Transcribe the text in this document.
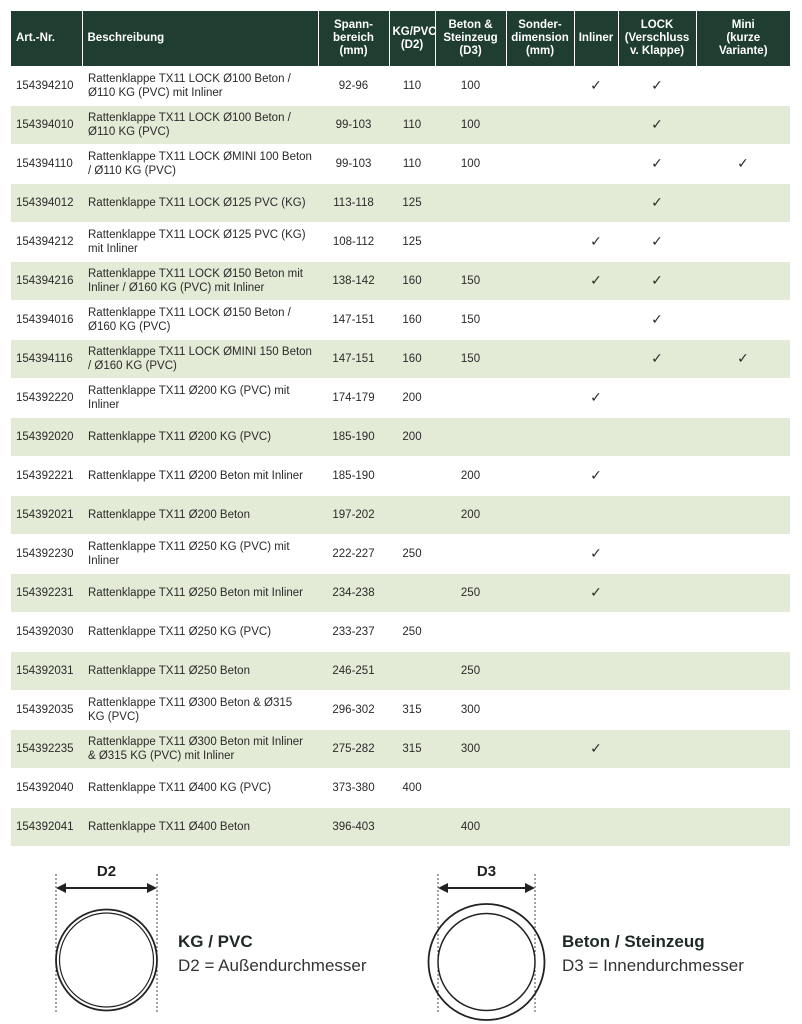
Art.-Nr.	Beschreibung	Spann-
bereich
(mm)	KG/PVC
(D2)	Beton &
Steinzeug
(D3)	Sonder-
dimension
(mm)	Inliner	LOCK
(Verschluss
v. Klappe)	Mini
(kurze
Variante)
154394210	Rattenklappe TX11 LOCK Ø100 Beton /
Ø110 KG (PVC) mit Inliner	92-96	110	100		✓	✓	
154394010	Rattenklappe TX11 LOCK Ø100 Beton /
Ø110 KG (PVC)	99-103	110	100			✓	
154394110	Rattenklappe TX11 LOCK ØMINI 100 Beton
/ Ø110 KG (PVC)	99-103	110	100			✓	✓
154394012	Rattenklappe TX11 LOCK Ø125 PVC (KG)	113-118	125				✓	
154394212	Rattenklappe TX11 LOCK Ø125 PVC (KG)
mit Inliner	108-112	125			✓	✓	
154394216	Rattenklappe TX11 LOCK Ø150 Beton mit
Inliner / Ø160 KG (PVC) mit Inliner	138-142	160	150		✓	✓	
154394016	Rattenklappe TX11 LOCK Ø150 Beton /
Ø160 KG (PVC)	147-151	160	150			✓	
154394116	Rattenklappe TX11 LOCK ØMINI 150 Beton
/ Ø160 KG (PVC)	147-151	160	150			✓	✓
154392220	Rattenklappe TX11 Ø200 KG (PVC) mit
Inliner	174-179	200			✓		
154392020	Rattenklappe TX11 Ø200 KG (PVC)	185-190	200					
154392221	Rattenklappe TX11 Ø200 Beton mit Inliner	185-190		200		✓		
154392021	Rattenklappe TX11 Ø200 Beton	197-202		200				
154392230	Rattenklappe TX11 Ø250 KG (PVC) mit
Inliner	222-227	250			✓		
154392231	Rattenklappe TX11 Ø250 Beton mit Inliner	234-238		250		✓		
154392030	Rattenklappe TX11 Ø250 KG (PVC)	233-237	250					
154392031	Rattenklappe TX11 Ø250 Beton	246-251		250				
154392035	Rattenklappe TX11 Ø300 Beton & Ø315
KG (PVC)	296-302	315	300				
154392235	Rattenklappe TX11 Ø300 Beton mit Inliner
& Ø315 KG (PVC) mit Inliner	275-282	315	300		✓		
154392040	Rattenklappe TX11 Ø400 KG (PVC)	373-380	400					
154392041	Rattenklappe TX11 Ø400 Beton	396-403		400				
D2
KG / PVC
D2 = Außendurchmesser
D3
Beton / Steinzeug
D3 = Innendurchmesser
